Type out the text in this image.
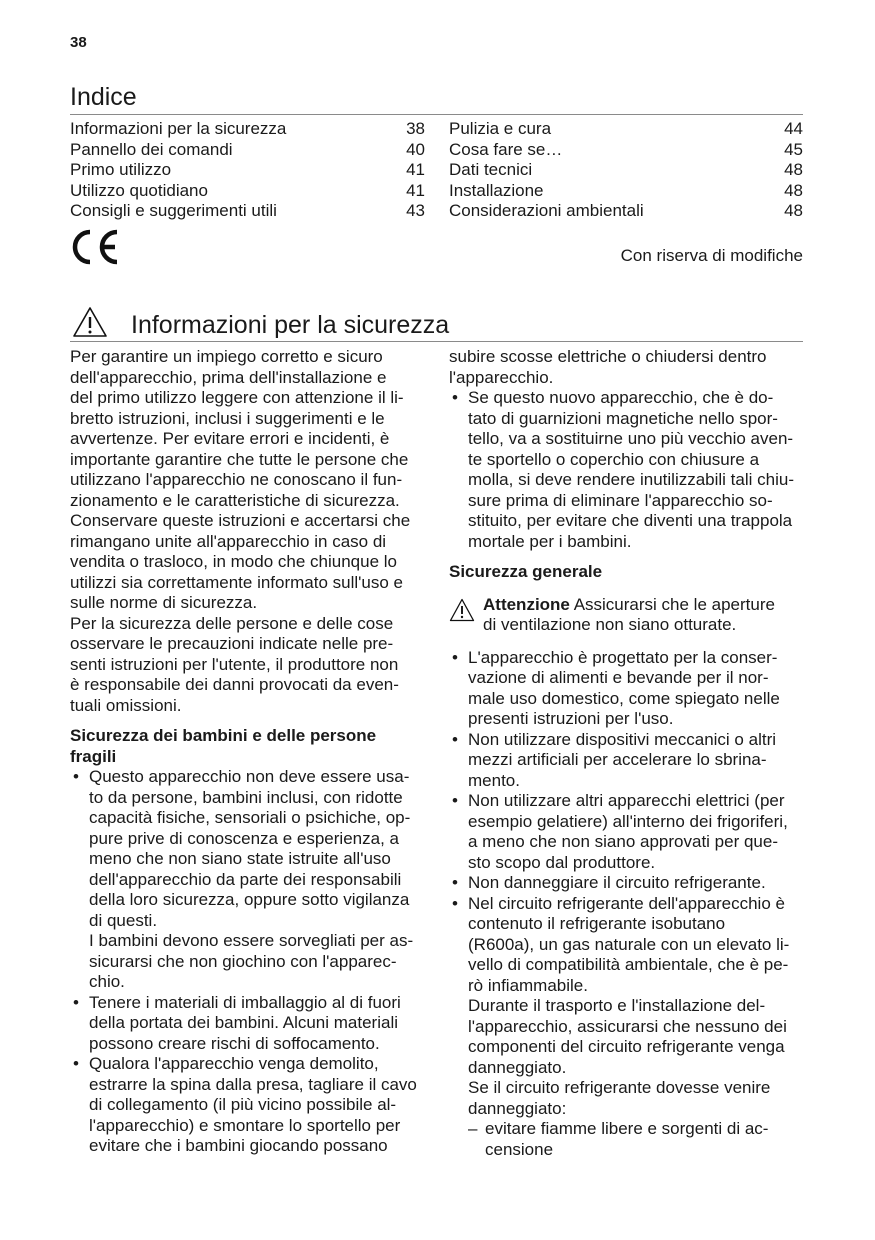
38
Indice
Informazioni per la sicurezza	38
Pannello dei comandi	40
Primo utilizzo	41
Utilizzo quotidiano	41
Consigli e suggerimenti utili	43
Pulizia e cura	44
Cosa fare se…	45
Dati tecnici	48
Installazione	48
Considerazioni ambientali	48
Con riserva di modifiche
Informazioni per la sicurezza

Per garantire un impiego corretto e sicuro
dell'apparecchio, prima dell'installazione e
del primo utilizzo leggere con attenzione il li-
bretto istruzioni, inclusi i suggerimenti e le
avvertenze. Per evitare errori e incidenti, è
importante garantire che tutte le persone che
utilizzano l'apparecchio ne conoscano il fun-
zionamento e le caratteristiche di sicurezza.
Conservare queste istruzioni e accertarsi che
rimangano unite all'apparecchio in caso di
vendita o trasloco, in modo che chiunque lo
utilizzi sia correttamente informato sull'uso e
sulle norme di sicurezza.
Per la sicurezza delle persone e delle cose
osservare le precauzioni indicate nelle pre-
senti istruzioni per l'utente, il produttore non
è responsabile dei danni provocati da even-
tuali omissioni.

Sicurezza dei bambini e delle persone
fragili

• Questo apparecchio non deve essere usa-
to da persone, bambini inclusi, con ridotte
capacità fisiche, sensoriali o psichiche, op-
pure prive di conoscenza e esperienza, a
meno che non siano state istruite all'uso
dell'apparecchio da parte dei responsabili
della loro sicurezza, oppure sotto vigilanza
di questi.
I bambini devono essere sorvegliati per as-
sicurarsi che non giochino con l'apparec-
chio.
• Tenere i materiali di imballaggio al di fuori
della portata dei bambini. Alcuni materiali
possono creare rischi di soffocamento.
• Qualora l'apparecchio venga demolito,
estrarre la spina dalla presa, tagliare il cavo
di collegamento (il più vicino possibile al-
l'apparecchio) e smontare lo sportello per
evitare che i bambini giocando possano

subire scosse elettriche o chiudersi dentro
l'apparecchio.

• Se questo nuovo apparecchio, che è do-
tato di guarnizioni magnetiche nello spor-
tello, va a sostituirne uno più vecchio aven-
te sportello o coperchio con chiusure a
molla, si deve rendere inutilizzabili tali chiu-
sure prima di eliminare l'apparecchio so-
stituito, per evitare che diventi una trappola
mortale per i bambini.

Sicurezza generale

Attenzione Assicurarsi che le aperture
di ventilazione non siano otturate.
• L'apparecchio è progettato per la conser-
vazione di alimenti e bevande per il nor-
male uso domestico, come spiegato nelle
presenti istruzioni per l'uso.
• Non utilizzare dispositivi meccanici o altri
mezzi artificiali per accelerare lo sbrina-
mento.
• Non utilizzare altri apparecchi elettrici (per
esempio gelatiere) all'interno dei frigoriferi,
a meno che non siano approvati per que-
sto scopo dal produttore.
• Non danneggiare il circuito refrigerante.
• Nel circuito refrigerante dell'apparecchio è
contenuto il refrigerante isobutano
(R600a), un gas naturale con un elevato li-
vello di compatibilità ambientale, che è pe-
rò infiammabile.
Durante il trasporto e l'installazione del-
l'apparecchio, assicurarsi che nessuno dei
componenti del circuito refrigerante venga
danneggiato.
Se il circuito refrigerante dovesse venire
danneggiato:
– evitare fiamme libere e sorgenti di ac-
censione
